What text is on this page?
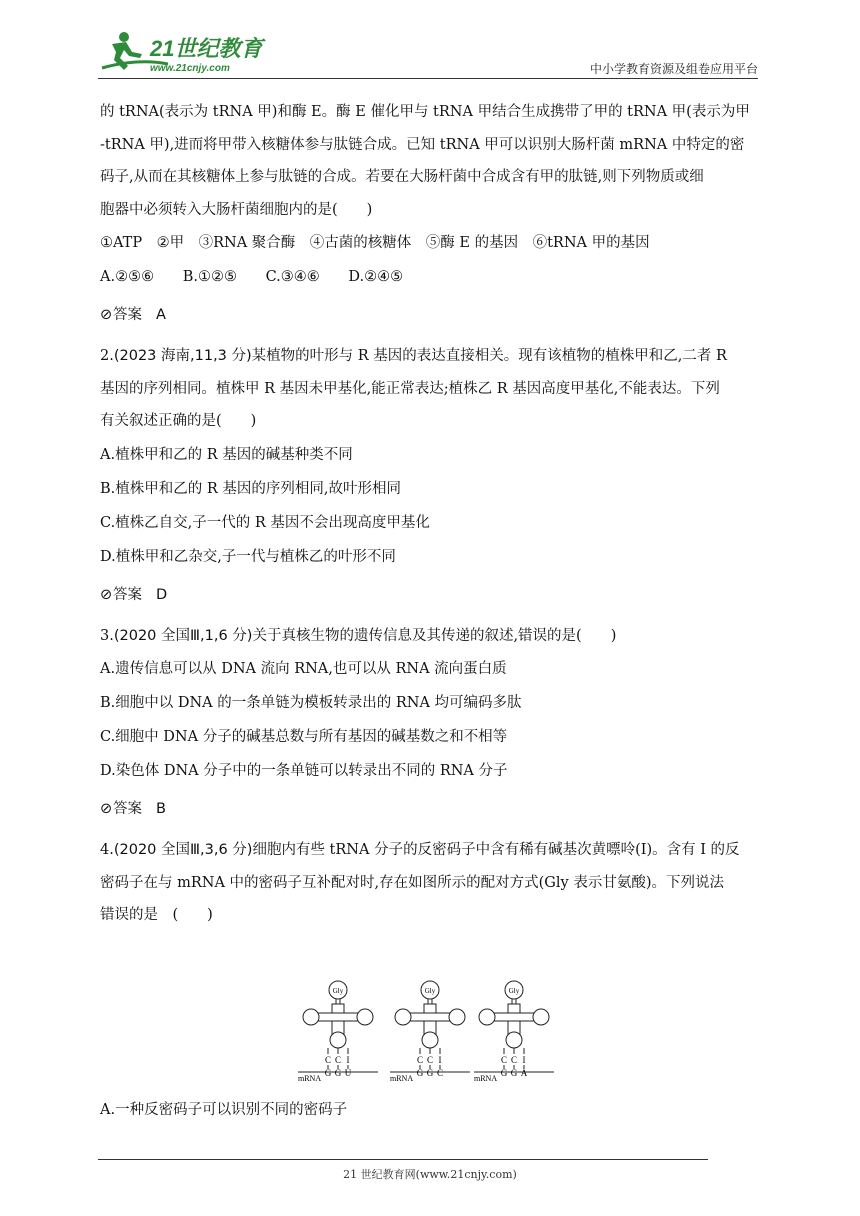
21世纪教育
www.21cnjy.com	中小学教育资源及组卷应用平台
的 tRNA(表示为 tRNA 甲)和酶 E。酶 E 催化甲与 tRNA 甲结合生成携带了甲的 tRNA 甲(表示为甲
-tRNA 甲),进而将甲带入核糖体参与肽链合成。已知 tRNA 甲可以识别大肠杆菌 mRNA 中特定的密
码子,从而在其核糖体上参与肽链的合成。若要在大肠杆菌中合成含有甲的肽链,则下列物质或细
胞器中必须转入大肠杆菌细胞内的是(　　)
①ATP　②甲　③RNA 聚合酶　④古菌的核糖体　⑤酶 E 的基因　⑥tRNA 甲的基因
A.②⑤⑥ B.①②⑤ C.③④⑥ D.②④⑤
⊘答案 A
2.(2023 海南,11,3 分)某植物的叶形与 R 基因的表达直接相关。现有该植物的植株甲和乙,二者 R
基因的序列相同。植株甲 R 基因未甲基化,能正常表达;植株乙 R 基因高度甲基化,不能表达。下列
有关叙述正确的是(　　)
A.植株甲和乙的 R 基因的碱基种类不同
B.植株甲和乙的 R 基因的序列相同,故叶形相同
C.植株乙自交,子一代的 R 基因不会出现高度甲基化
D.植株甲和乙杂交,子一代与植株乙的叶形不同
⊘答案 D
3.(2020 全国Ⅲ,1,6 分)关于真核生物的遗传信息及其传递的叙述,错误的是(　　)
A.遗传信息可以从 DNA 流向 RNA,也可以从 RNA 流向蛋白质
B.细胞中以 DNA 的一条单链为模板转录出的 RNA 均可编码多肽
C.细胞中 DNA 分子的碱基总数与所有基因的碱基数之和不相等
D.染色体 DNA 分子中的一条单链可以转录出不同的 RNA 分子
⊘答案 B
4.(2020 全国Ⅲ,3,6 分)细胞内有些 tRNA 分子的反密码子中含有稀有碱基次黄嘌呤(I)。含有 I 的反
密码子在与 mRNA 中的密码子互补配对时,存在如图所示的配对方式(Gly 表示甘氨酸)。下列说法
错误的是　(　　)
Gly
C C I
mRNA
G G U
Gly
C C I
mRNA
G G C
Gly
C C I
mRNA
G G A
A.一种反密码子可以识别不同的密码子
21 世纪教育网(www.21cnjy.com)
